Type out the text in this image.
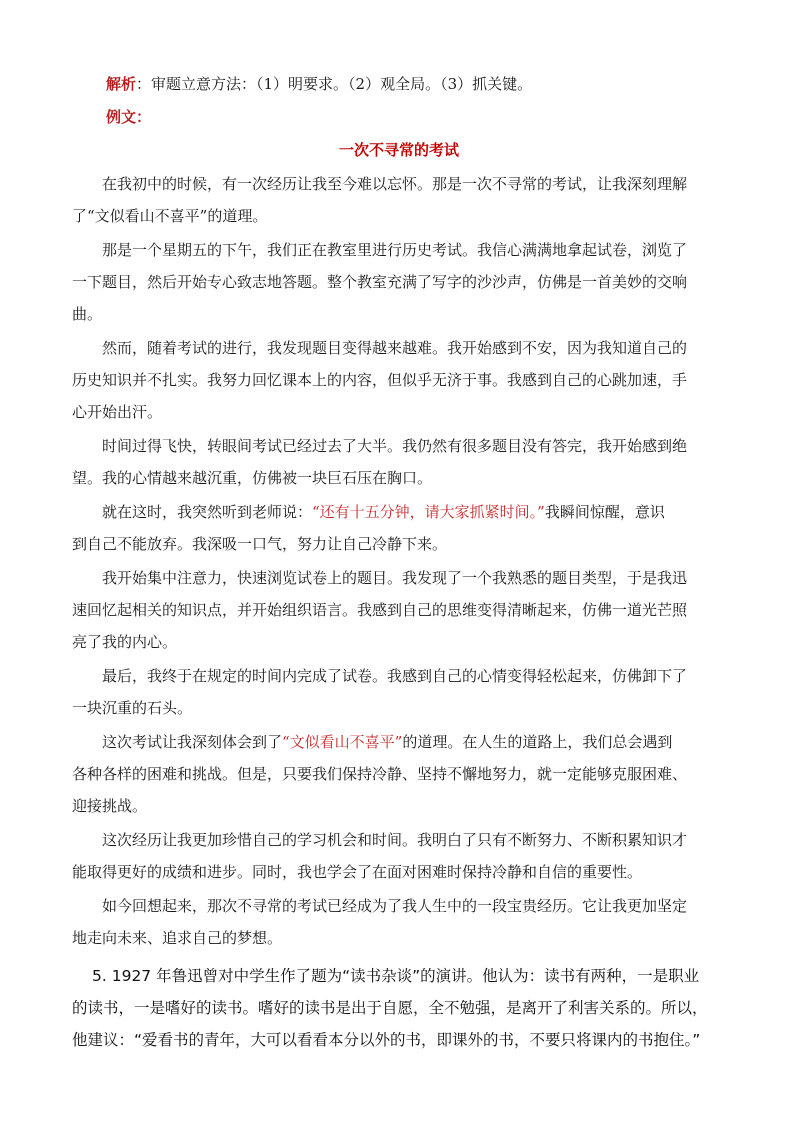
解析：审题立意方法：（1）明要求。（2）观全局。（3）抓关键。

例文：

一次不寻常的考试

在我初中的时候，有一次经历让我至今难以忘怀。那是一次不寻常的考试，让我深刻理解

了“文似看山不喜平”的道理。

那是一个星期五的下午，我们正在教室里进行历史考试。我信心满满地拿起试卷，浏览了

一下题目，然后开始专心致志地答题。整个教室充满了写字的沙沙声，仿佛是一首美妙的交响

曲。

然而，随着考试的进行，我发现题目变得越来越难。我开始感到不安，因为我知道自己的

历史知识并不扎实。我努力回忆课本上的内容，但似乎无济于事。我感到自己的心跳加速，手

心开始出汗。

时间过得飞快，转眼间考试已经过去了大半。我仍然有很多题目没有答完，我开始感到绝

望。我的心情越来越沉重，仿佛被一块巨石压在胸口。

就在这时，我突然听到老师说：“还有十五分钟，请大家抓紧时间。”我瞬间惊醒，意识

到自己不能放弃。我深吸一口气，努力让自己冷静下来。

我开始集中注意力，快速浏览试卷上的题目。我发现了一个我熟悉的题目类型，于是我迅

速回忆起相关的知识点，并开始组织语言。我感到自己的思维变得清晰起来，仿佛一道光芒照

亮了我的内心。

最后，我终于在规定的时间内完成了试卷。我感到自己的心情变得轻松起来，仿佛卸下了

一块沉重的石头。

这次考试让我深刻体会到了“文似看山不喜平”的道理。在人生的道路上，我们总会遇到

各种各样的困难和挑战。但是，只要我们保持冷静、坚持不懈地努力，就一定能够克服困难、

迎接挑战。

这次经历让我更加珍惜自己的学习机会和时间。我明白了只有不断努力、不断积累知识才

能取得更好的成绩和进步。同时，我也学会了在面对困难时保持冷静和自信的重要性。

如今回想起来，那次不寻常的考试已经成为了我人生中的一段宝贵经历。它让我更加坚定

地走向未来、追求自己的梦想。

5. 1927 年鲁迅曾对中学生作了题为“读书杂谈”的演讲。他认为：读书有两种，一是职业

的读书，一是嗜好的读书。嗜好的读书是出于自愿，全不勉强，是离开了利害关系的。所以，

他建议：“爱看书的青年，大可以看看本分以外的书，即课外的书，不要只将课内的书抱住。”
